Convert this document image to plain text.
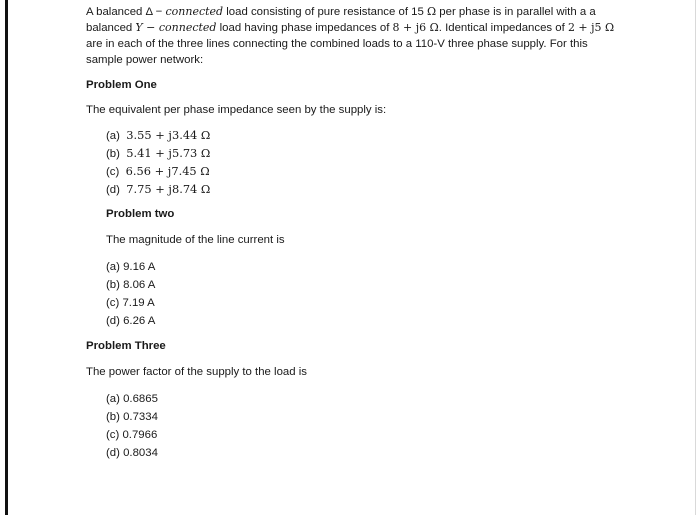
A balanced Δ − connected load consisting of pure resistance of 15 Ω per phase is in parallel with a a
balanced Y − connected load having phase impedances of 8 + j6 Ω. Identical impedances of 2 + j5 Ω
are in each of the three lines connecting the combined loads to a 110-V three phase supply. For this
sample power network:

Problem One

The equivalent per phase impedance seen by the supply is:

(a) 3.55 + j3.44 Ω
(b) 5.41 + j5.73 Ω
(c) 6.56 + j7.45 Ω
(d) 7.75 + j8.74 Ω

Problem two

The magnitude of the line current is

(a) 9.16 A
(b) 8.06 A
(c) 7.19 A
(d) 6.26 A

Problem Three

The power factor of the supply to the load is

(a) 0.6865
(b) 0.7334
(c) 0.7966
(d) 0.8034
